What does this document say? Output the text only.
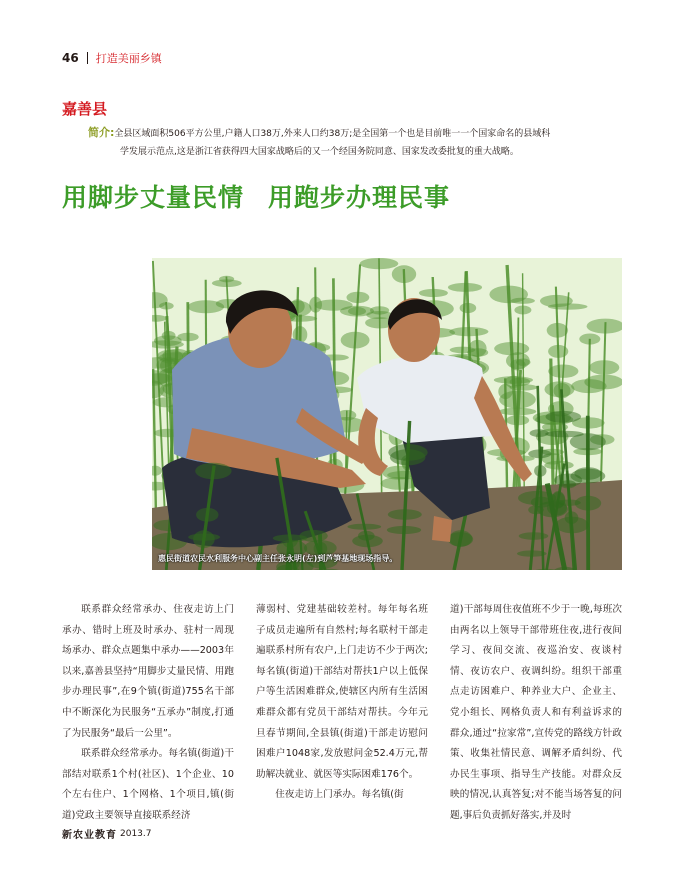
46 打造美丽乡镇
嘉善县
简介:全县区域面积506平方公里,户籍人口38万,外来人口约38万;是全国第一个也是目前唯一一个国家命名的县域科
学发展示范点,这是浙江省获得四大国家战略后的又一个经国务院同意、国家发改委批复的重大战略。
用脚步丈量民情 用跑步办理民事
惠民街道农民水利服务中心副主任张永明(左)到芦笋基地现场指导。

联系群众经常承办、住夜走访上门承办、错时上班及时承办、驻村一周现场承办、群众点题集中承办——2003年以来,嘉善县坚持“用脚步丈量民情、用跑步办理民事”,在9个镇(街道)755名干部中不断深化为民服务“五承办”制度,打通了为民服务“最后一公里”。

联系群众经常承办。每名镇(街道)干部结对联系1个村(社区)、1个企业、10个左右住户、1个网格、1个项目,镇(街道)党政主要领导直接联系经济

薄弱村、党建基础较差村。每年每名班子成员走遍所有自然村;每名联村干部走遍联系村所有农户,上门走访不少于两次;每名镇(街道)干部结对帮扶1户以上低保户等生活困难群众,使辖区内所有生活困难群众都有党员干部结对帮扶。今年元旦春节期间,全县镇(街道)干部走访慰问困难户1048家,发放慰问金52.4万元,帮助解决就业、就医等实际困难176个。

住夜走访上门承办。每名镇(街

道)干部每周住夜值班不少于一晚,每班次由两名以上领导干部带班住夜,进行夜间学习、夜间交流、夜巡治安、夜谈村情、夜访农户、夜调纠纷。组织干部重点走访困难户、种养业大户、企业主、党小组长、网格负责人和有利益诉求的群众,通过“拉家常”,宣传党的路线方针政策、收集社情民意、调解矛盾纠纷、代办民生事项、指导生产技能。对群众反映的情况,认真答复;对不能当场答复的问题,事后负责抓好落实,并及时

新农业教育 2013.7
